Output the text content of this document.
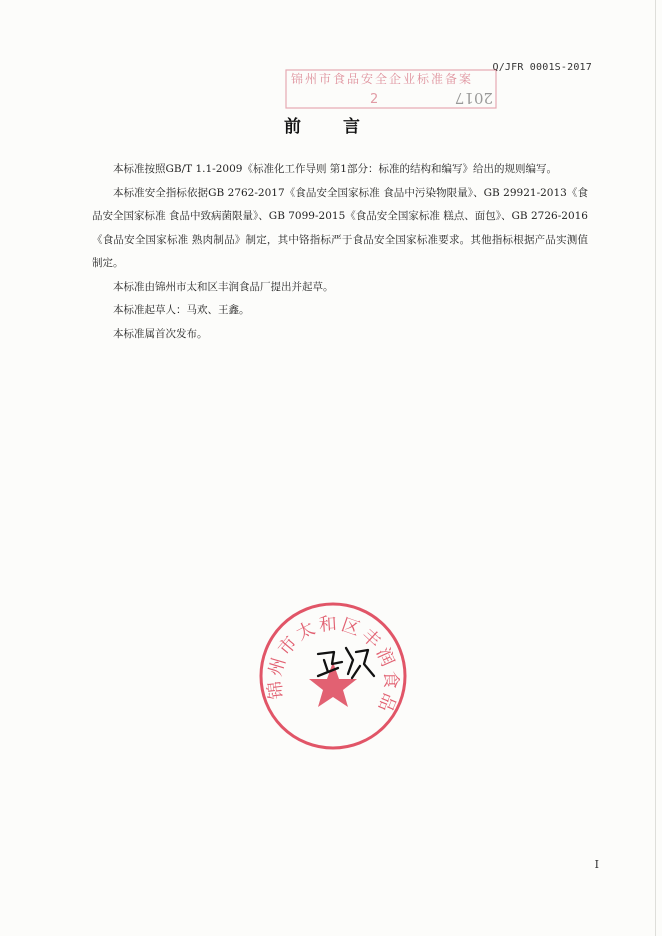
Q/JFR 0001S-2017
锦州市食品安全企业标准备案
2	2017
前 言

本标准按照GB/T 1.1-2009《标准化工作导则 第1部分：标准的结构和编写》给出的规则编写。

本标准安全指标依据GB 2762-2017《食品安全国家标准 食品中污染物限量》、GB 29921-2013《食品安全国家标准 食品中致病菌限量》、GB 7099-2015《食品安全国家标准 糕点、面包》、GB 2726-2016《食品安全国家标准 熟肉制品》制定，其中铬指标严于食品安全国家标准要求。其他指标根据产品实测值制定。

本标准由锦州市太和区丰润食品厂提出并起草。

本标准起草人：马欢、王鑫。

本标准属首次发布。

锦州市太和区丰润食品
I
